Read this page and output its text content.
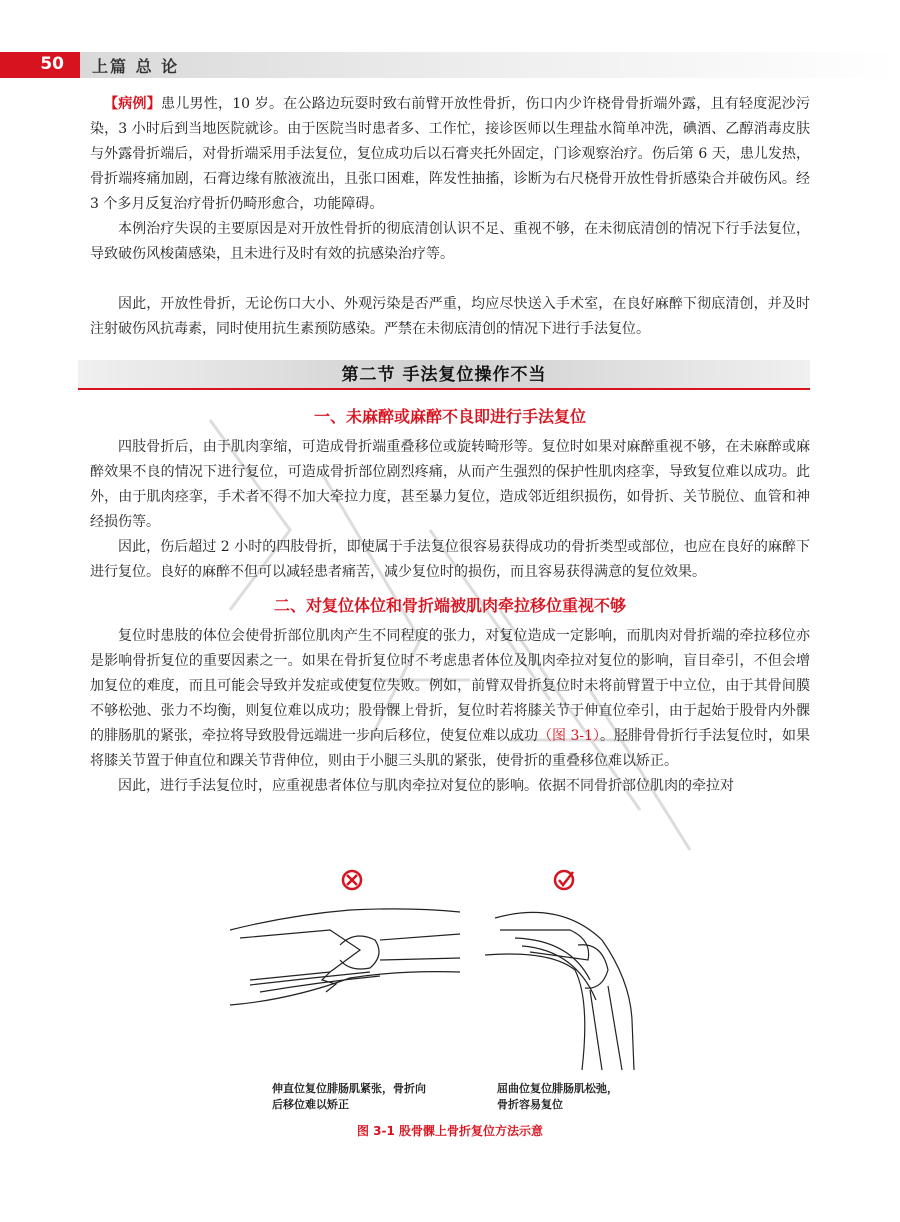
50 上篇 总 论

【病例】患儿男性，10 岁。在公路边玩耍时致右前臂开放性骨折，伤口内少许桡骨骨折端外露，且有轻度泥沙污染，3 小时后到当地医院就诊。由于医院当时患者多、工作忙，接诊医师以生理盐水简单冲洗，碘酒、乙醇消毒皮肤与外露骨折端后，对骨折端采用手法复位，复位成功后以石膏夹托外固定，门诊观察治疗。伤后第 6 天，患儿发热，骨折端疼痛加剧，石膏边缘有脓液流出，且张口困难，阵发性抽搐，诊断为右尺桡骨开放性骨折感染合并破伤风。经 3 个多月反复治疗骨折仍畸形愈合，功能障碍。

本例治疗失误的主要原因是对开放性骨折的彻底清创认识不足、重视不够，在未彻底清创的情况下行手法复位，导致破伤风梭菌感染，且未进行及时有效的抗感染治疗等。

因此，开放性骨折，无论伤口大小、外观污染是否严重，均应尽快送入手术室，在良好麻醉下彻底清创，并及时注射破伤风抗毒素，同时使用抗生素预防感染。严禁在未彻底清创的情况下进行手法复位。

第二节 手法复位操作不当
一、未麻醉或麻醉不良即进行手法复位

四肢骨折后，由于肌肉挛缩，可造成骨折端重叠移位或旋转畸形等。复位时如果对麻醉重视不够，在未麻醉或麻醉效果不良的情况下进行复位，可造成骨折部位剧烈疼痛，从而产生强烈的保护性肌肉痉挛，导致复位难以成功。此外，由于肌肉痉挛，手术者不得不加大牵拉力度，甚至暴力复位，造成邻近组织损伤，如骨折、关节脱位、血管和神经损伤等。

因此，伤后超过 2 小时的四肢骨折，即使属于手法复位很容易获得成功的骨折类型或部位，也应在良好的麻醉下进行复位。良好的麻醉不但可以减轻患者痛苦，减少复位时的损伤，而且容易获得满意的复位效果。

二、对复位体位和骨折端被肌肉牵拉移位重视不够

复位时患肢的体位会使骨折部位肌肉产生不同程度的张力，对复位造成一定影响，而肌肉对骨折端的牵拉移位亦是影响骨折复位的重要因素之一。如果在骨折复位时不考虑患者体位及肌肉牵拉对复位的影响，盲目牵引，不但会增加复位的难度，而且可能会导致并发症或使复位失败。例如，前臂双骨折复位时未将前臂置于中立位，由于其骨间膜不够松弛、张力不均衡，则复位难以成功；股骨髁上骨折，复位时若将膝关节于伸直位牵引，由于起始于股骨内外髁的腓肠肌的紧张，牵拉将导致股骨远端进一步向后移位，使复位难以成功（图 3-1）。胫腓骨骨折行手法复位时，如果将膝关节置于伸直位和踝关节背伸位，则由于小腿三头肌的紧张，使骨折的重叠移位难以矫正。

因此，进行手法复位时，应重视患者体位与肌肉牵拉对复位的影响。依据不同骨折部位肌肉的牵拉对

伸直位复位腓肠肌紧张，骨折向后移位难以矫正
屈曲位复位腓肠肌松弛，骨折容易复位
图 3-1 股骨髁上骨折复位方法示意
